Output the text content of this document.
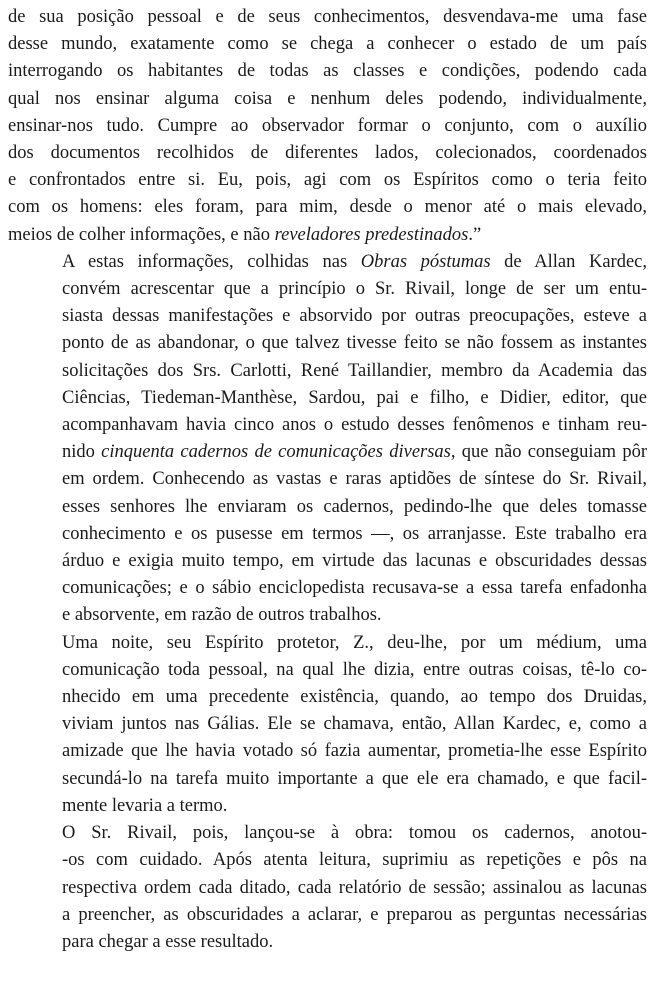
de sua posição pessoal e de seus conhecimentos, desvendava-me uma fase
desse mundo, exatamente como se chega a conhecer o estado de um país
interrogando os habitantes de todas as classes e condições, podendo cada
qual nos ensinar alguma coisa e nenhum deles podendo, individualmente,
ensinar-nos tudo. Cumpre ao observador formar o conjunto, com o auxílio
dos documentos recolhidos de diferentes lados, colecionados, coordenados
e confrontados entre si. Eu, pois, agi com os Espíritos como o teria feito
com os homens: eles foram, para mim, desde o menor até o mais elevado,
meios de colher informações, e não reveladores predestinados.”

A estas informações, colhidas nas Obras póstumas de Allan Kardec,
convém acrescentar que a princípio o Sr. Rivail, longe de ser um entu-
siasta dessas manifestações e absorvido por outras preocupações, esteve a
ponto de as abandonar, o que talvez tivesse feito se não fossem as instantes
solicitações dos Srs. Carlotti, René Taillandier, membro da Academia das
Ciências, Tiedeman-Manthèse, Sardou, pai e filho, e Didier, editor, que
acompanhavam havia cinco anos o estudo desses fenômenos e tinham reu-
nido cinquenta cadernos de comunicações diversas, que não conseguiam pôr
em ordem. Conhecendo as vastas e raras aptidões de síntese do Sr. Rivail,
esses senhores lhe enviaram os cadernos, pedindo-lhe que deles tomasse
conhecimento e os pusesse em termos —, os arranjasse. Este trabalho era
árduo e exigia muito tempo, em virtude das lacunas e obscuridades dessas
comunicações; e o sábio enciclopedista recusava-se a essa tarefa enfadonha
e absorvente, em razão de outros trabalhos.

Uma noite, seu Espírito protetor, Z., deu-lhe, por um médium, uma
comunicação toda pessoal, na qual lhe dizia, entre outras coisas, tê-lo co-
nhecido em uma precedente existência, quando, ao tempo dos Druidas,
viviam juntos nas Gálias. Ele se chamava, então, Allan Kardec, e, como a
amizade que lhe havia votado só fazia aumentar, prometia-lhe esse Espírito
secundá-lo na tarefa muito importante a que ele era chamado, e que facil-
mente levaria a termo.

O Sr. Rivail, pois, lançou-se à obra: tomou os cadernos, anotou-
-os com cuidado. Após atenta leitura, suprimiu as repetições e pôs na
respectiva ordem cada ditado, cada relatório de sessão; assinalou as lacunas
a preencher, as obscuridades a aclarar, e preparou as perguntas necessárias
para chegar a esse resultado.
